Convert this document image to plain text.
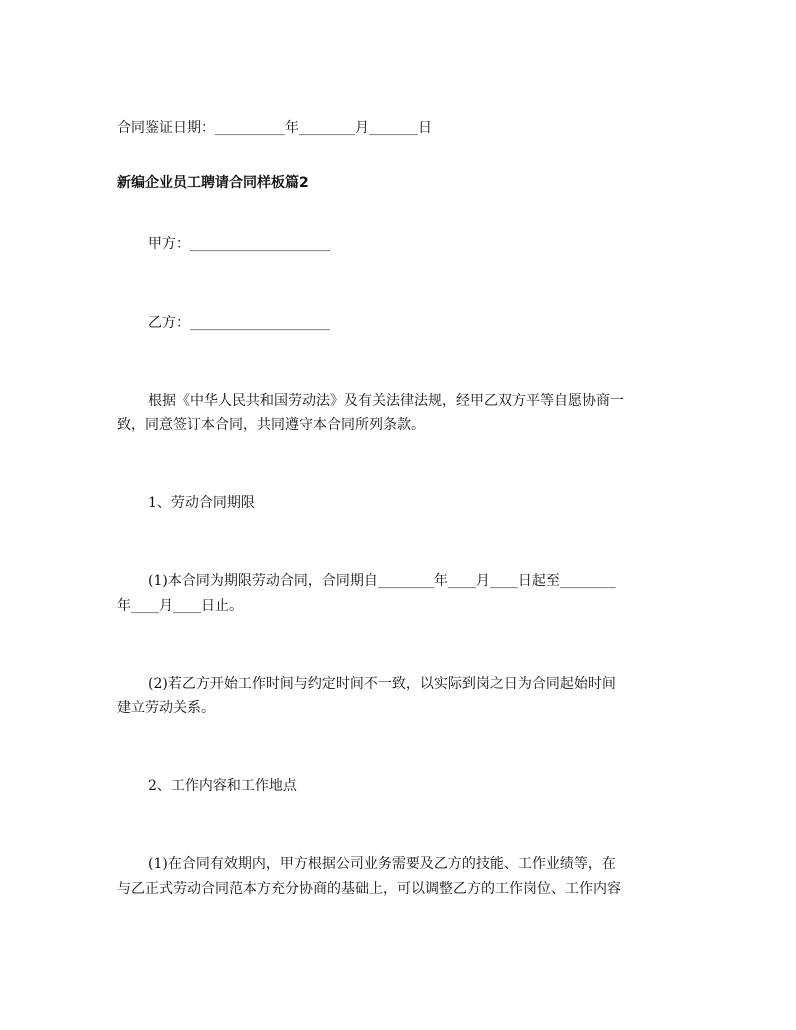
合同鉴证日期：__________年________月_______日
新编企业员工聘请合同样板篇2
甲方：____________________
乙方：____________________
根据《中华人民共和国劳动法》及有关法律法规，经甲乙双方平等自愿协商一
致，同意签订本合同，共同遵守本合同所列条款。
1、劳动合同期限
(1)本合同为期限劳动合同，合同期自________年____月____日起至________
年____月____日止。
(2)若乙方开始工作时间与约定时间不一致，以实际到岗之日为合同起始时间
建立劳动关系。
2、工作内容和工作地点
(1)在合同有效期内，甲方根据公司业务需要及乙方的技能、工作业绩等，在
与乙正式劳动合同范本方充分协商的基础上，可以调整乙方的工作岗位、工作内容
